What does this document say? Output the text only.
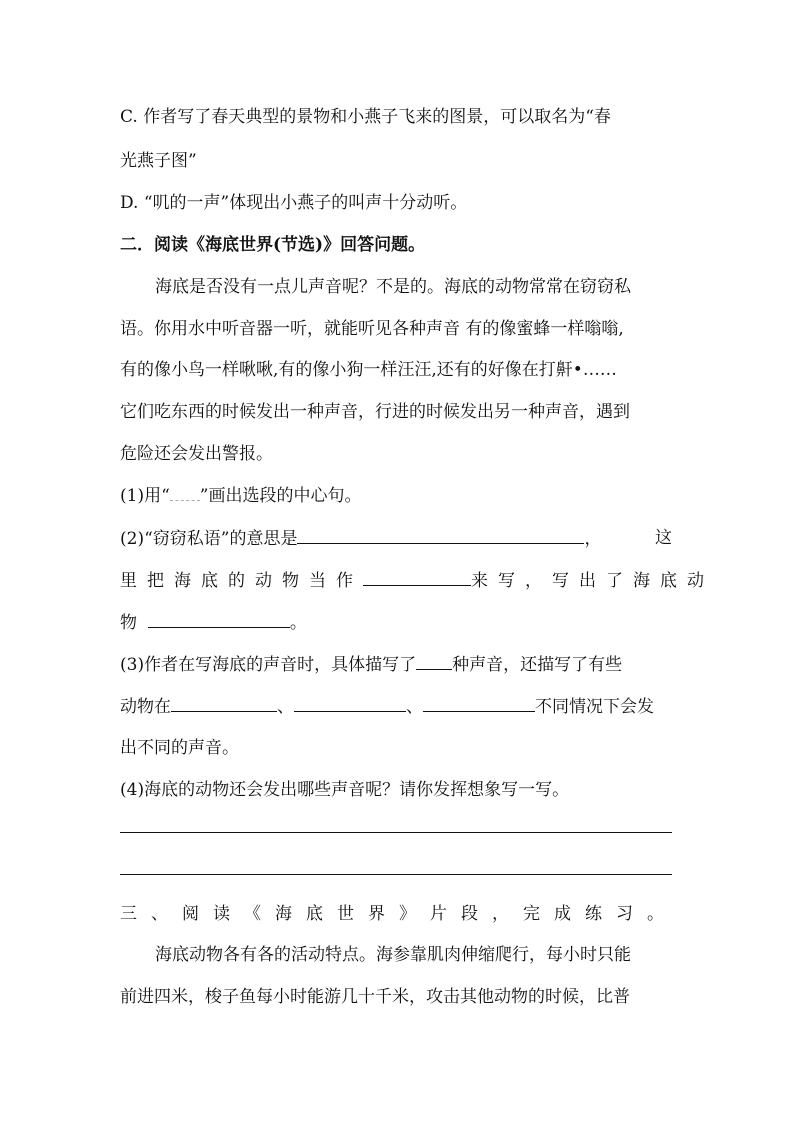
C. 作者写了春天典型的景物和小燕子飞来的图景，可以取名为“春
光燕子图”
D. “叽的一声”体现出小燕子的叫声十分动听。
二．阅读《海底世界(节选)》回答问题。
海底是否没有一点儿声音呢？不是的。海底的动物常常在窃窃私
语。你用水中听音器一听，就能听见各种声音 有的像蜜蜂一样嗡嗡,
有的像小鸟一样啾啾,有的像小狗一样汪汪,还有的好像在打鼾•……
它们吃东西的时候发出一种声音，行进的时候发出另一种声音，遇到
危险还会发出警报。
(1)用“ ”画出选段的中心句。
(2)“窃窃私语”的意思是	，	这
里把海底的动物当作	来写，写出了海底动
物	。
(3)作者在写海底的声音时，具体描写了 种声音，还描写了有些
动物在	、	、	不同情况下会发
出不同的声音。
(4)海底的动物还会发出哪些声音呢？请你发挥想象写一写。
三、阅读《海底世界》片段，完成练习。
海底动物各有各的活动特点。海参靠肌肉伸缩爬行，每小时只能
前进四米，梭子鱼每小时能游几十千米，攻击其他动物的时候，比普
